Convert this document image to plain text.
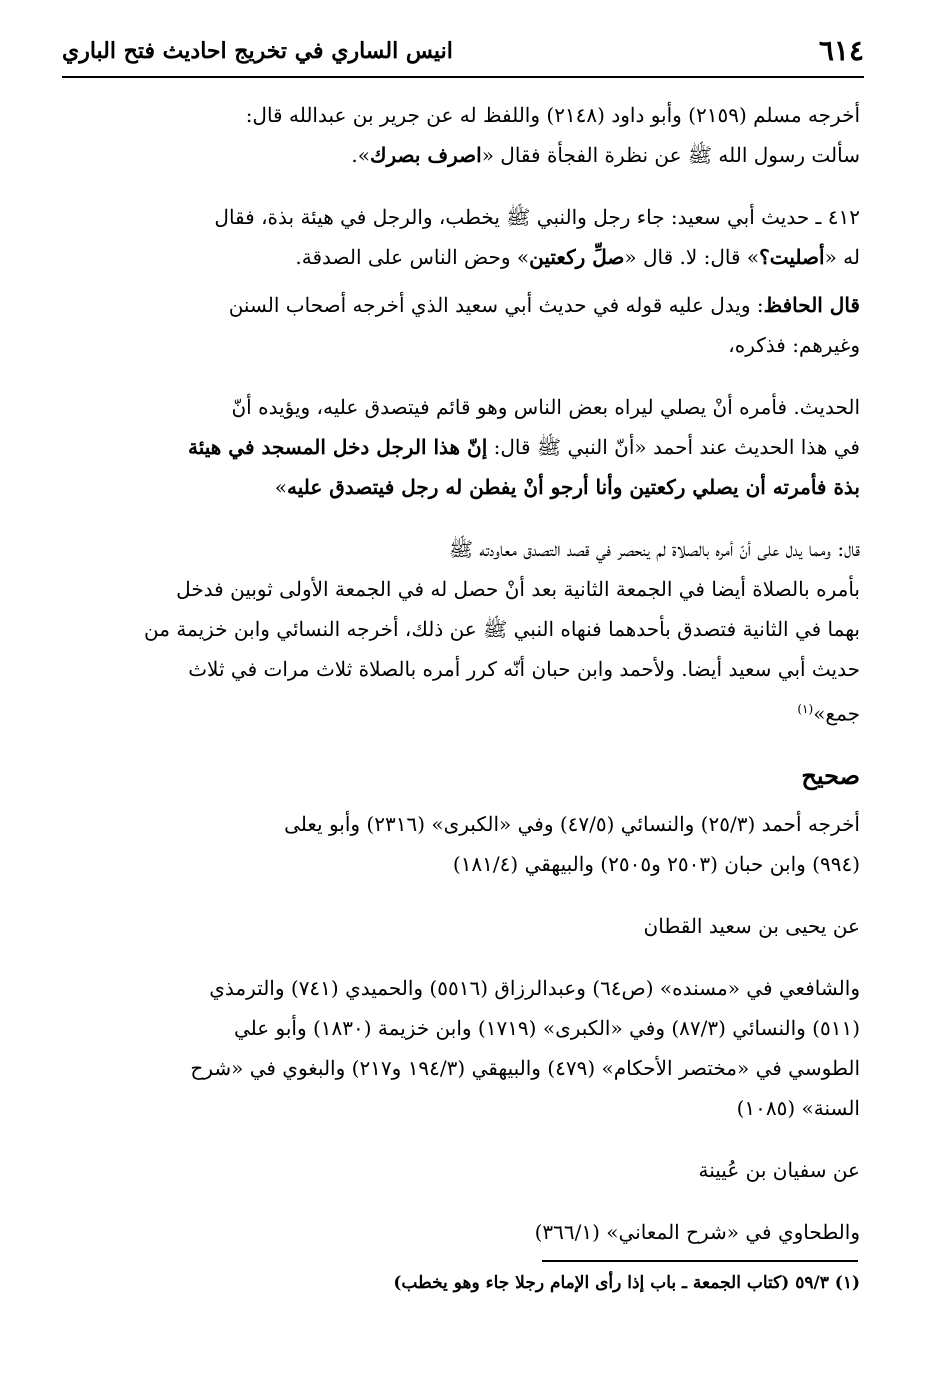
٦١٤
انيس الساري في تخريج احاديث فتح الباري
أخرجه مسلم (٢١٥٩) وأبو داود (٢١٤٨) واللفظ له عن جرير بن عبدالله قال:
سألت رسول الله ﷺ عن نظرة الفجأة فقال «اصرف بصرك».
٤١٢ ـ حديث أبي سعيد: جاء رجل والنبي ﷺ يخطب، والرجل في هيئة بذة، فقال
له «أصليت؟» قال: لا. قال «صلِّ ركعتين» وحض الناس على الصدقة.
قال الحافظ: ويدل عليه قوله في حديث أبي سعيد الذي أخرجه أصحاب السنن
وغيرهم: فذكره،
الحديث. فأمره أنْ يصلي ليراه بعض الناس وهو قائم فيتصدق عليه، ويؤيده أنّ
في هذا الحديث عند أحمد «أنّ النبي ﷺ قال: إنّ هذا الرجل دخل المسجد في هيئة
بذة فأمرته أن يصلي ركعتين وأنا أرجو أنْ يفطن له رجل فيتصدق عليه»
قال: ومما يدل على أنّ أمره بالصلاة لم ينحصر في قصد التصدق معاودته ﷺ
بأمره بالصلاة أيضا في الجمعة الثانية بعد أنْ حصل له في الجمعة الأولى ثوبين فدخل
بهما في الثانية فتصدق بأحدهما فنهاه النبي ﷺ عن ذلك، أخرجه النسائي وابن خزيمة من
حديث أبي سعيد أيضا. ولأحمد وابن حبان أنّه كرر أمره بالصلاة ثلاث مرات في ثلاث
جمع»$^{(١)}$
صحيح
أخرجه أحمد (٢٥/٣) والنسائي (٤٧/٥) وفي «الكبرى» (٢٣١٦) وأبو يعلى
(٩٩٤) وابن حبان (٢٥٠٣ و٢٥٠٥) والبيهقي (١٨١/٤)
عن يحيى بن سعيد القطان
والشافعي في «مسنده» (ص٦٤) وعبدالرزاق (٥٥١٦) والحميدي (٧٤١) والترمذي
(٥١١) والنسائي (٨٧/٣) وفي «الكبرى» (١٧١٩) وابن خزيمة (١٨٣٠) وأبو علي
الطوسي في «مختصر الأحكام» (٤٧٩) والبيهقي (١٩٤/٣ و٢١٧) والبغوي في «شرح
السنة» (١٠٨٥)
عن سفيان بن عُيينة
والطحاوي في «شرح المعاني» (٣٦٦/١)
(١) ٥٩/٣ (كتاب الجمعة ـ باب إذا رأى الإمام رجلا جاء وهو يخطب)
